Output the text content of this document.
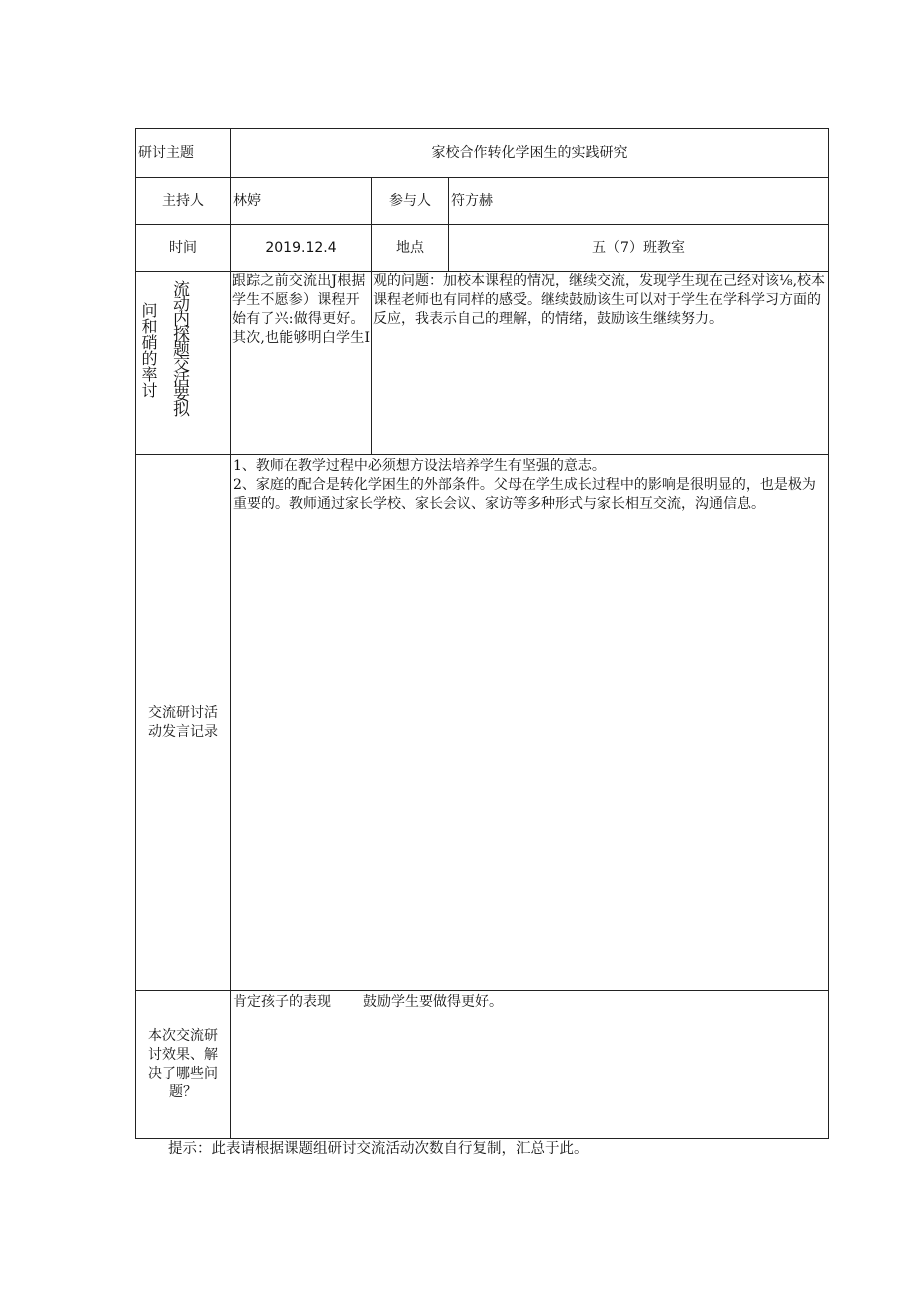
研讨主题	家校合作转化学困生的实践研究		
主持人	林婷	参与人	符方赫
时间	2019.12.4	地点	五（7）班教室

问和硝的率讨 流动内探题交活要拟	跟踪之前交流出J根据学生不愿参）课程开始有了兴:做得更好。其次,也能够明白学生I	观的问题：加校本课程的情况，继续交流，发现学生现在己经对该⅛,校本课程老师也有同样的感受。继续鼓励该生可以对于学生在学科学习方面的反应，我表示自己的理解，的情绪，鼓励该生继续努力。	
交流研讨活动发言记录	1、教师在教学过程中必须想方设法培养学生有坚强的意志。

2、家庭的配合是转化学困生的外部条件。父母在学生成长过程中的影响是很明显的，也是极为重要的。教师通过家长学校、家长会议、家访等多种形式与家长相互交流，沟通信息。		

本次交流研讨效果、解决了哪些问题？	肯定孩子的表现 鼓励学生要做得更好。		
提示：此表请根据课题组研讨交流活动次数自行复制，汇总于此。
